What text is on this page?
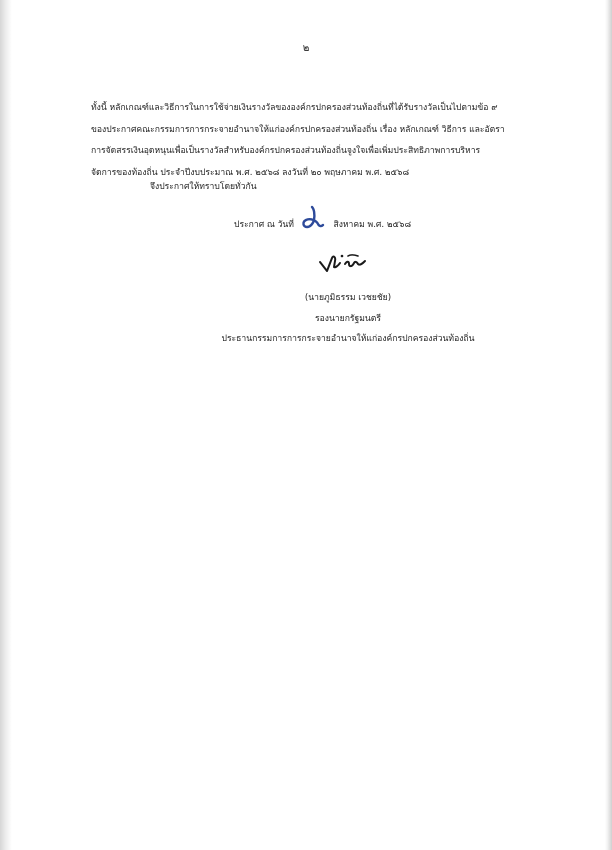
๒
ทั้งนี้ หลักเกณฑ์และวิธีการในการใช้จ่ายเงินรางวัลขององค์กรปกครองส่วนท้องถิ่นที่ได้รับรางวัลเป็นไปตามข้อ ๙
ของประกาศคณะกรรมการการกระจายอำนาจให้แก่องค์กรปกครองส่วนท้องถิ่น เรื่อง หลักเกณฑ์ วิธีการ และอัตรา
การจัดสรรเงินอุดหนุนเพื่อเป็นรางวัลสำหรับองค์กรปกครองส่วนท้องถิ่นจูงใจเพื่อเพิ่มประสิทธิภาพการบริหาร
จัดการของท้องถิ่น ประจำปีงบประมาณ พ.ศ. ๒๕๖๘ ลงวันที่ ๒๐ พฤษภาคม พ.ศ. ๒๕๖๘
จึงประกาศให้ทราบโดยทั่วกัน
ประกาศ ณ วันที่	สิงหาคม พ.ศ. ๒๕๖๘
(นายภูมิธรรม เวชยชัย)
รองนายกรัฐมนตรี
ประธานกรรมการการกระจายอำนาจให้แก่องค์กรปกครองส่วนท้องถิ่น
